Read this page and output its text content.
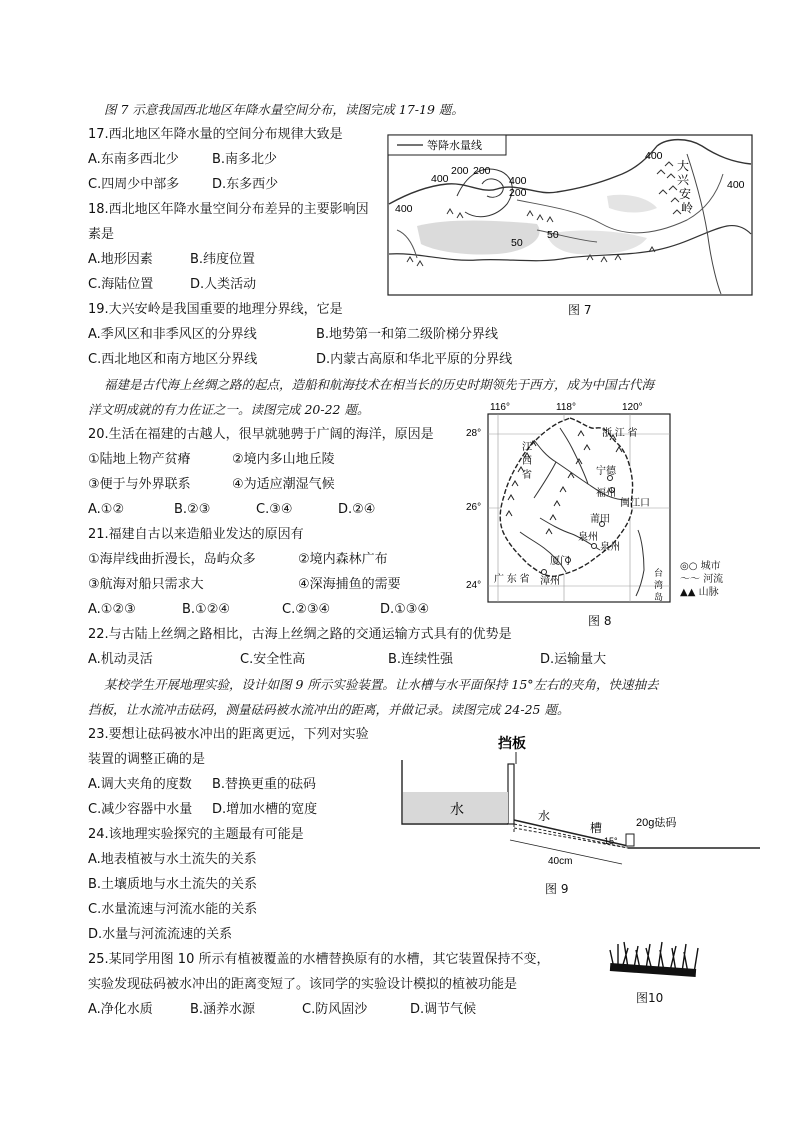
图 7 示意我国西北地区年降水量空间分布，读图完成 17-19 题。
17.西北地区年降水量的空间分布规律大致是
A.东南多西北少	B.南多北少
C.四周少中部多	D.东多西少
18.西北地区年降水量空间分布差异的主要影响因
素是
A.地形因素	B.纬度位置
C.海陆位置	D.人类活动
19.大兴安岭是我国重要的地理分界线，它是
A.季风区和非季风区的分界线	B.地势第一和第二级阶梯分界线
C.西北地区和南方地区分界线	D.内蒙古高原和华北平原的分界线
等降水量线
400
200
400
200
400
200
400
50
50
400
大
兴
安
岭
图 7
福建是古代海上丝绸之路的起点，造船和航海技术在相当长的历史时期领先于西方，成为中国古代海
洋文明成就的有力佐证之一。读图完成 20-22 题。
20.生活在福建的古越人，很早就驰骋于广阔的海洋，原因是
①陆地上物产贫瘠	②境内多山地丘陵
③便于与外界联系	④为适应潮湿气候
A.①②	B.②③	C.③④	D.②④
21.福建自古以来造船业发达的原因有
①海岸线曲折漫长，岛屿众多	②境内森林广布
③航海对船只需求大	④深海捕鱼的需要
A.①②③	B.①②④	C.②③④	D.①③④
116°	118°	120°
28°
26°
24°
江
西
省
浙 江 省
宁德
福州
闽江口
莆田
泉州
泉州
厦门
漳州
广 东 省
台
湾
岛
◎○ 城市
～～ 河流
▲▲ 山脉
图 8
22.与古陆上丝绸之路相比，古海上丝绸之路的交通运输方式具有的优势是
A.机动灵活	C.安全性高	B.连续性强	D.运输量大
某校学生开展地理实验，设计如图 9 所示实验装置。让水槽与水平面保持 15°左右的夹角，快速抽去
挡板，让水流冲击砝码，测量砝码被水流冲出的距离，并做记录。读图完成 24-25 题。
23.要想让砝码被水冲出的距离更远，下列对实验
装置的调整正确的是
A.调大夹角的度数 B.替换更重的砝码
C.减少容器中水量 D.增加水槽的宽度
挡板
水	水
槽
15°
20g砝码
40cm
图 9
24.该地理实验探究的主题最有可能是
A.地表植被与水土流失的关系
B.土壤质地与水土流失的关系
C.水量流速与河流水能的关系
D.水量与河流流速的关系
25.某同学用图 10 所示有植被覆盖的水槽替换原有的水槽，其它装置保持不变，
实验发现砝码被水冲出的距离变短了。该同学的实验设计模拟的植被功能是
A.净化水质	B.涵养水源	C.防风固沙	D.调节气候
图10
